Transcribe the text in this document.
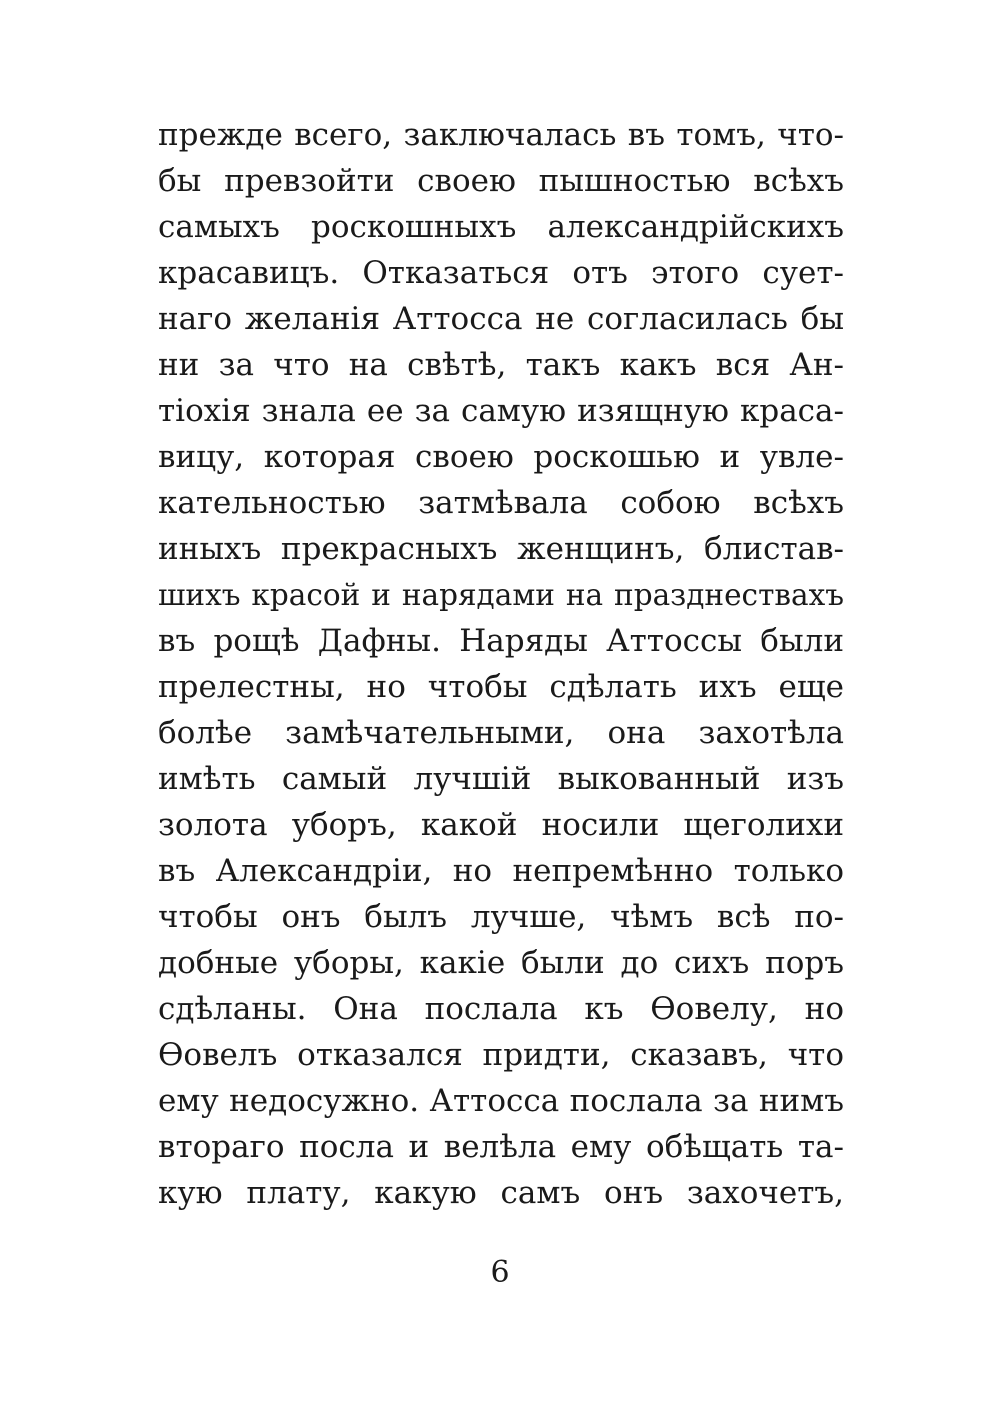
прежде всего, заключалась въ томъ, что-
бы превзойти своею пышностью всѣхъ
самыхъ роскошныхъ александрійскихъ
красавицъ. Отказаться отъ этого сует-
наго желанія Аттосса не согласилась бы
ни за что на свѣтѣ, такъ какъ вся Ан-
тіохія знала ее за самую изящную краса-
вицу, которая своею роскошью и увле-
кательностью затмѣвала собою всѣхъ
иныхъ прекрасныхъ женщинъ, блистав-
шихъ красой и нарядами на празднествахъ
въ рощѣ Дафны. Наряды Аттоссы были
прелестны, но чтобы сдѣлать ихъ еще
болѣе замѣчательными, она захотѣла
имѣть самый лучшій выкованный изъ
золота уборъ, какой носили щеголихи
въ Александріи, но непремѣнно только
чтобы онъ былъ лучше, чѣмъ всѣ по-
добные уборы, какіе были до сихъ поръ
сдѣланы. Она послала къ Ѳовелу, но
Ѳовелъ отказался придти, сказавъ, что
ему недосужно. Аттосса послала за нимъ
втораго посла и велѣла ему обѣщать та-
кую плату, какую самъ онъ захочетъ,
6
